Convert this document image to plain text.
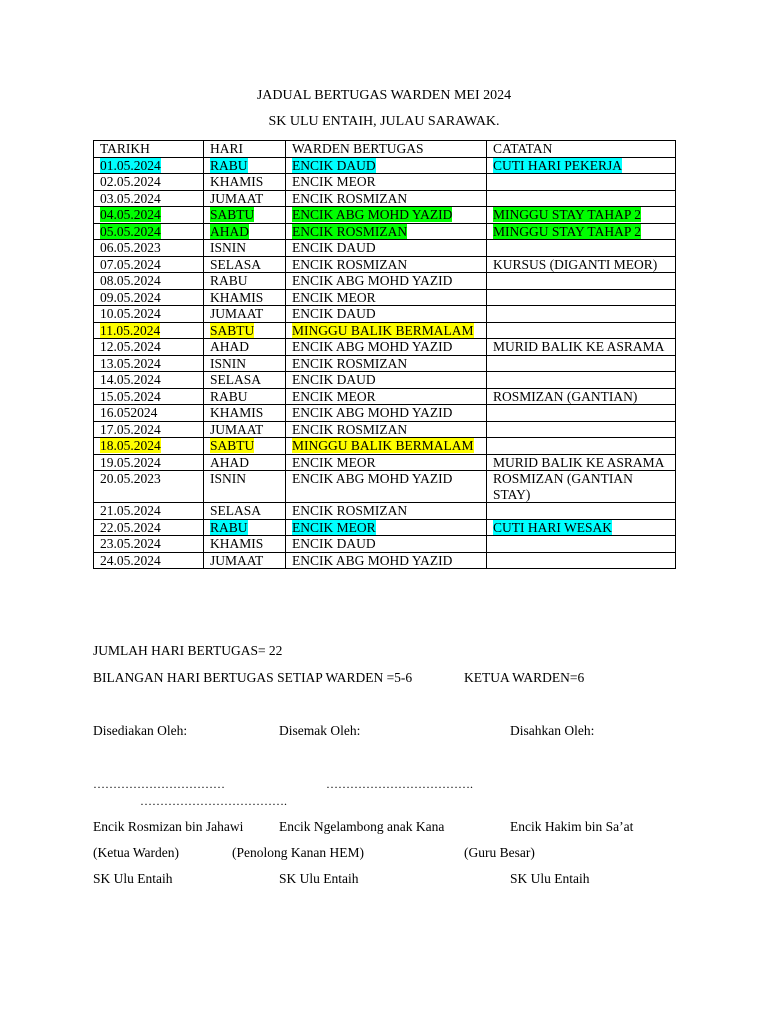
JADUAL BERTUGAS WARDEN MEI 2024
SK ULU ENTAIH, JULAU SARAWAK.
TARIKH	HARI	WARDEN BERTUGAS	CATATAN
01.05.2024	RABU	ENCIK DAUD	CUTI HARI PEKERJA
02.05.2024	KHAMIS	ENCIK MEOR	
03.05.2024	JUMAAT	ENCIK ROSMIZAN	
04.05.2024	SABTU	ENCIK ABG MOHD YAZID	MINGGU STAY TAHAP 2
05.05.2024	AHAD	ENCIK ROSMIZAN	MINGGU STAY TAHAP 2
06.05.2023	ISNIN	ENCIK DAUD	
07.05.2024	SELASA	ENCIK ROSMIZAN	KURSUS (DIGANTI MEOR)
08.05.2024	RABU	ENCIK ABG MOHD YAZID	
09.05.2024	KHAMIS	ENCIK MEOR	
10.05.2024	JUMAAT	ENCIK DAUD	
11.05.2024	SABTU	MINGGU BALIK BERMALAM	
12.05.2024	AHAD	ENCIK ABG MOHD YAZID	MURID BALIK KE ASRAMA
13.05.2024	ISNIN	ENCIK ROSMIZAN	
14.05.2024	SELASA	ENCIK DAUD	
15.05.2024	RABU	ENCIK MEOR	ROSMIZAN (GANTIAN)
16.052024	KHAMIS	ENCIK ABG MOHD YAZID	
17.05.2024	JUMAAT	ENCIK ROSMIZAN	
18.05.2024	SABTU	MINGGU BALIK BERMALAM	
19.05.2024	AHAD	ENCIK MEOR	MURID BALIK KE ASRAMA
20.05.2023	ISNIN	ENCIK ABG MOHD YAZID	ROSMIZAN (GANTIAN STAY)
21.05.2024	SELASA	ENCIK ROSMIZAN	
22.05.2024	RABU	ENCIK MEOR	CUTI HARI WESAK
23.05.2024	KHAMIS	ENCIK DAUD	
24.05.2024	JUMAAT	ENCIK ABG MOHD YAZID	
JUMLAH HARI BERTUGAS= 22
BILANGAN HARI BERTUGAS SETIAP WARDEN =5-6	KETUA WARDEN=6
Disediakan Oleh:	Disemak Oleh:	Disahkan Oleh:
……………………………	……………………………….
……………………………….
Encik Rosmizan bin Jahawi	Encik Ngelambong anak Kana	Encik Hakim bin Sa’at
(Ketua Warden)	(Penolong Kanan HEM)	(Guru Besar)
SK Ulu Entaih	SK Ulu Entaih	SK Ulu Entaih
